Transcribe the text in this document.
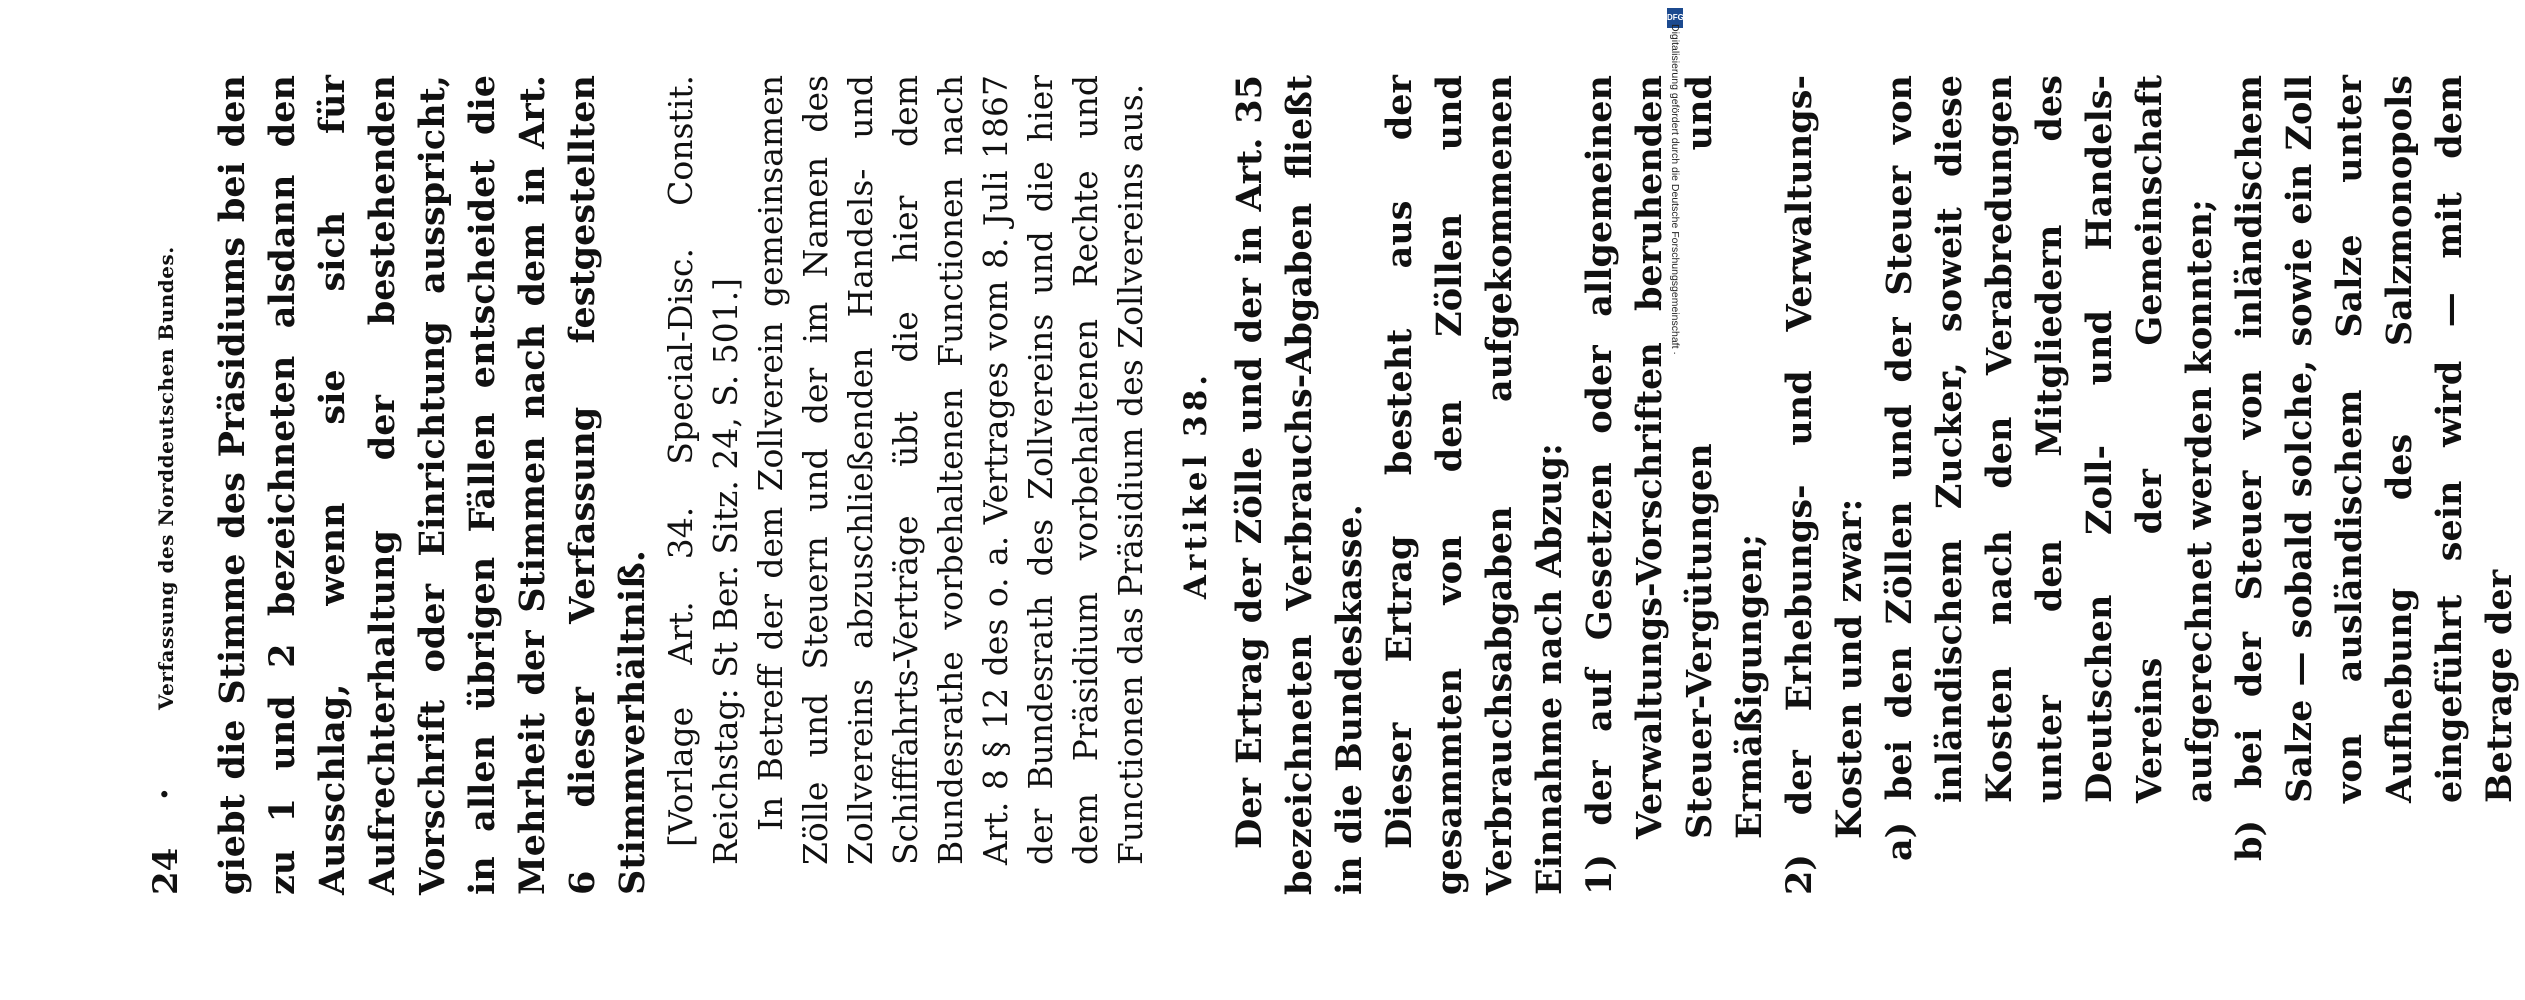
24
.
Verfassung des Norddeutschen Bundes. giebt die Stimme des Präsidiums bei den zu 1 und 2 bezeichneten alsdann den Ausschlag, wenn sie sich für Aufrechterhaltung der bestehenden Vorschrift oder Einrichtung ausspricht, in allen übrigen Fällen entscheidet die Mehrheit der Stimmen nach dem in Art. 6 dieser Verfassung festgestellten Stimmverhältniß. [Vorlage Art. 34. Special-Disc. Constit. Reichstag: St Ber. Sitz. 24, S. 501.] In Betreff der dem Zollverein gemeinsamen Zölle und Steuern und der im Namen des Zollvereins abzuschließenden Handels- und Schifffahrts-Verträge übt die hier dem Bundesrathe vorbehaltenen Functionen nach Art. 8 § 12 des o. a. Vertrages vom 8. Juli 1867 der Bundesrath des Zollvereins und die hier dem Präsidium vorbehaltenen Rechte und Functionen das Präsidium des Zollvereins aus. Artikel 38. Der Ertrag der Zölle und der in Art. 35 bezeichneten Verbrauchs-Abgaben fließt in die Bundeskasse. Dieser Ertrag besteht aus der gesammten von den Zöllen und Verbrauchsabgaben aufgekommenen Einnahme nach Abzug: 1) der auf Gesetzen oder allgemeinen Verwaltungs-Vorschriften beruhenden Steuer-Vergütungen und Ermäßigungen; 2) der Erhebungs- und Verwaltungs-Kosten und zwar: a) bei den Zöllen und der Steuer von inländischem Zucker, soweit diese Kosten nach den Verabredungen unter den Mitgliedern des Deutschen Zoll- und Handels-Vereins der Gemeinschaft aufgerechnet werden konnten; b) bei der Steuer von inländischem Salze — sobald solche, sowie ein Zoll von ausländischem Salze unter Aufhebung des Salzmonopols eingeführt sein wird — mit dem Betrage der

DFG
Digitalisierung gefördert durch die Deutsche Forschungsgemeinschaft ·
